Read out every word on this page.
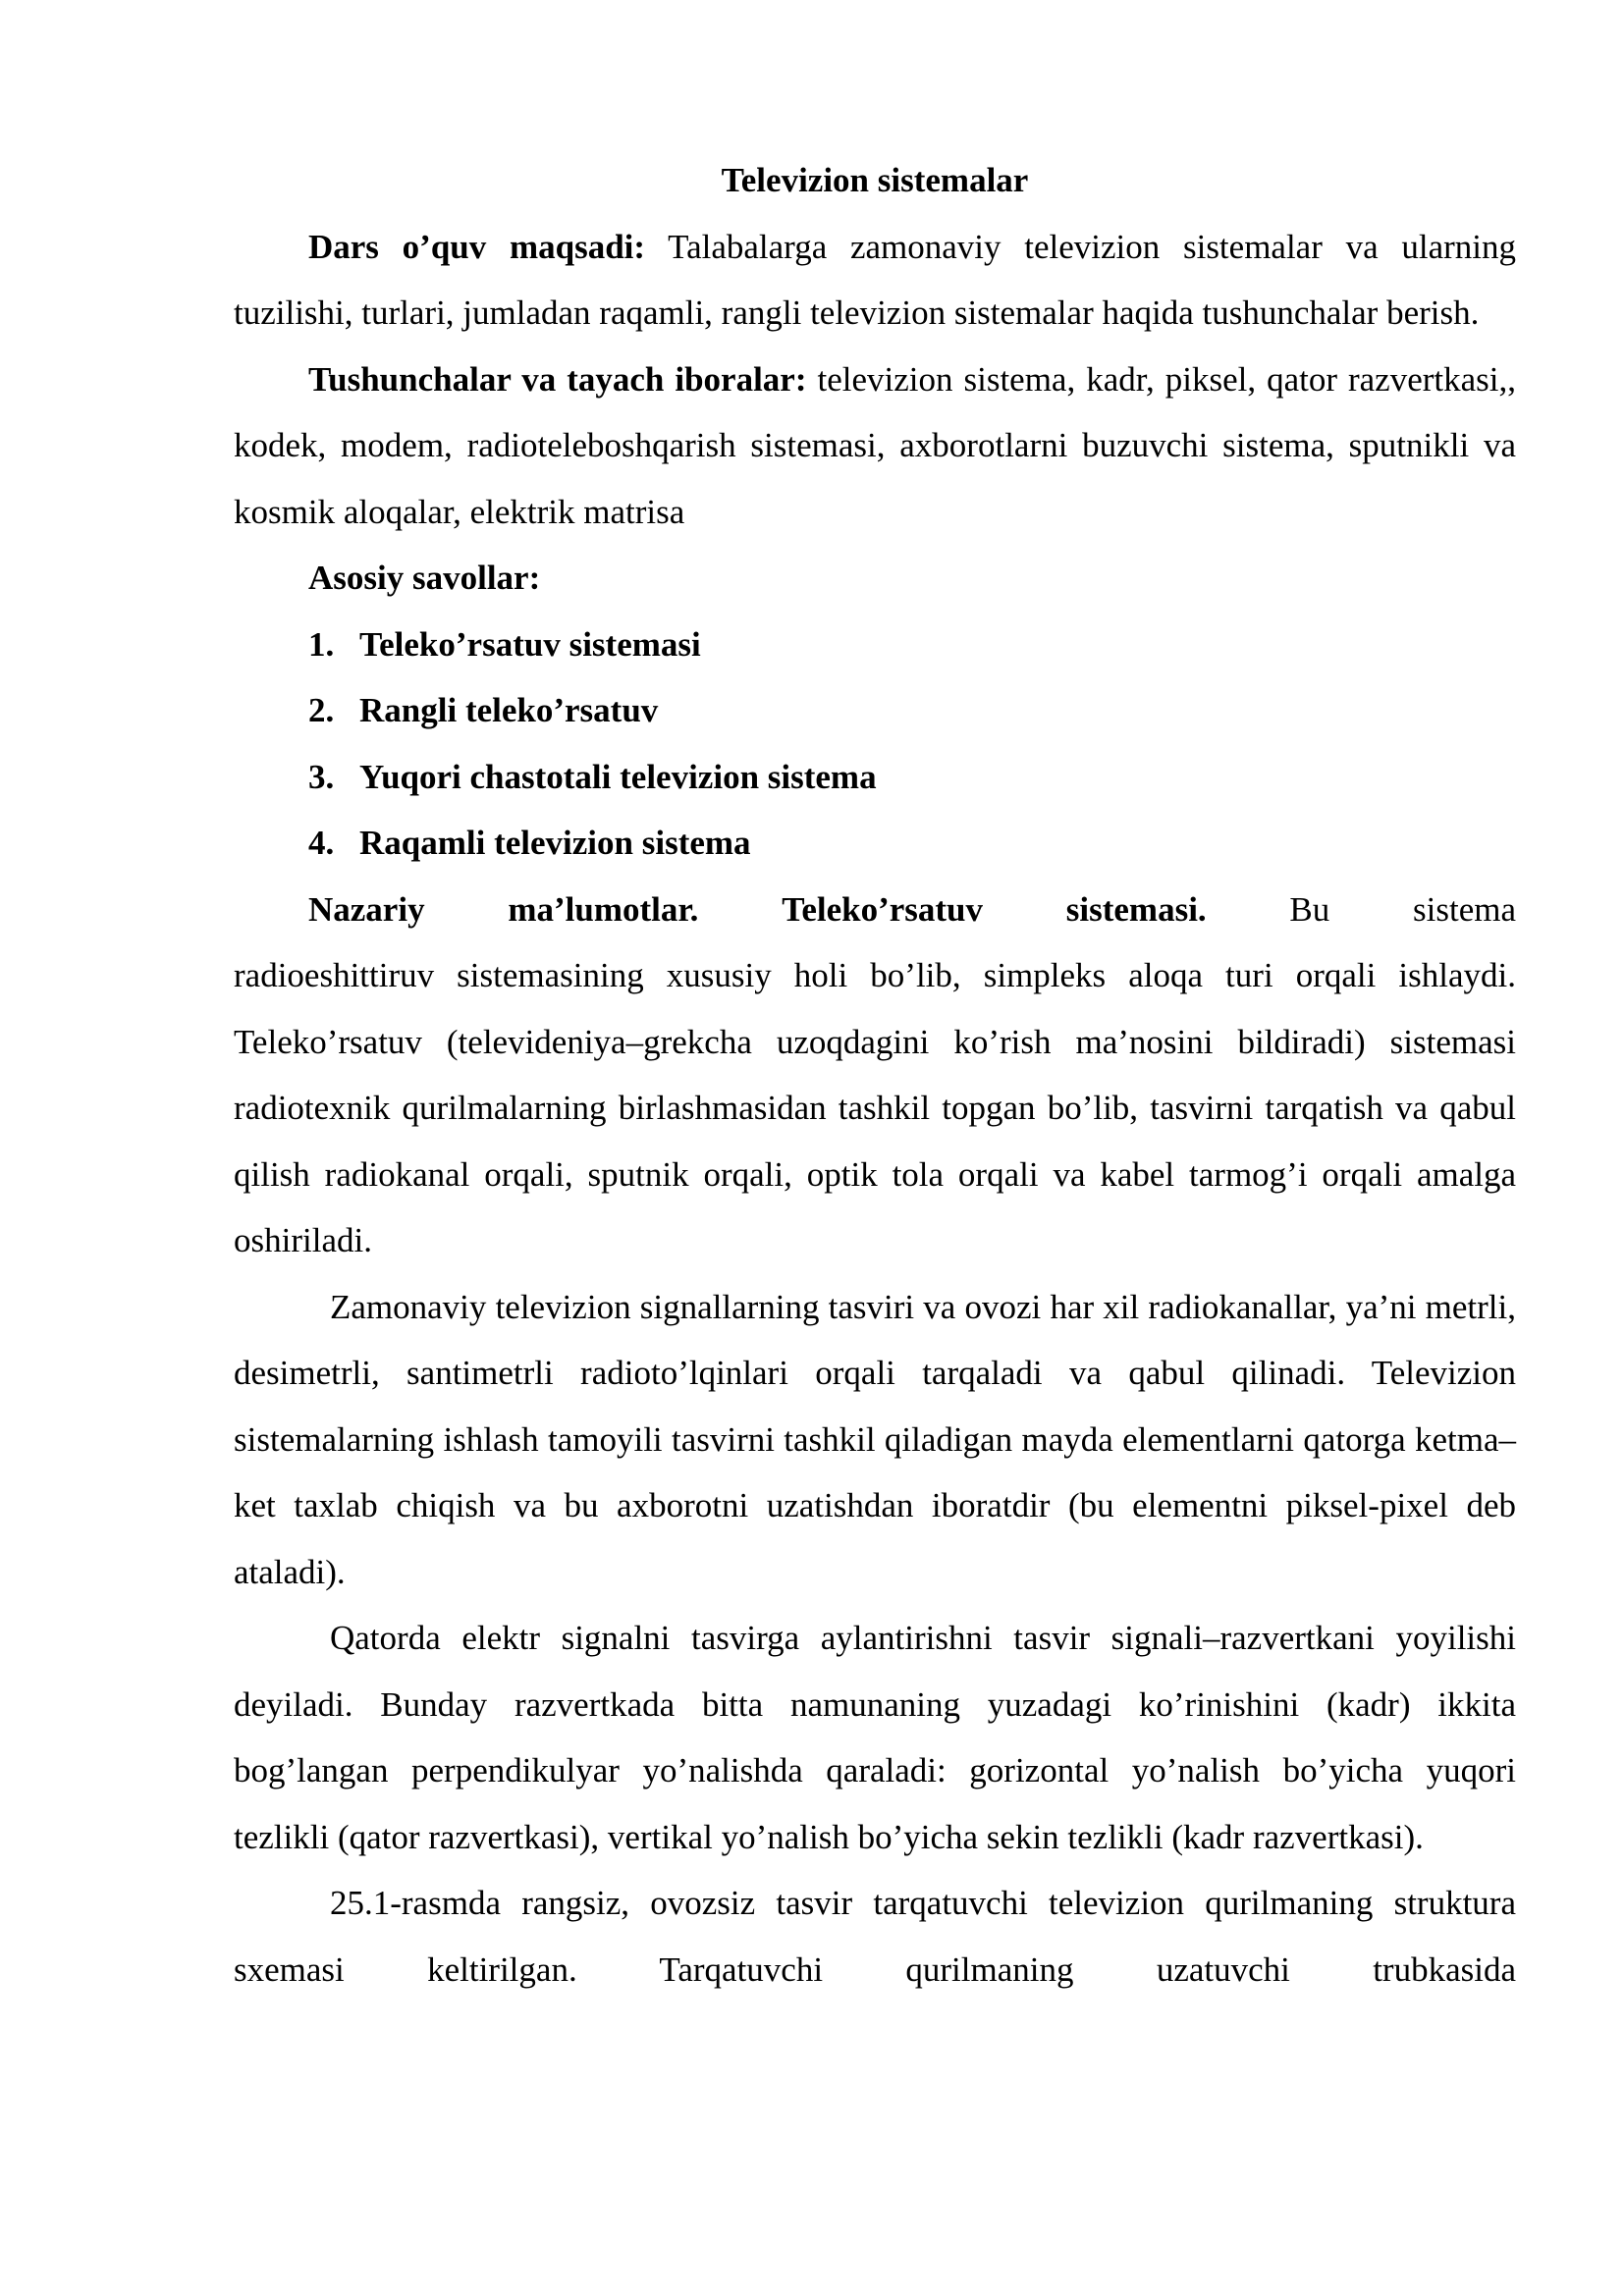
Televizion sistemalar

Dars o’quv maqsadi: Talabalarga zamonaviy televizion sistemalar va ularning tuzilishi, turlari, jumladan raqamli, rangli televizion sistemalar haqida tushunchalar berish.

Tushunchalar va tayach iboralar: televizion sistema, kadr, piksel, qator razvertkasi,, kodek, modem, radioteleboshqarish sistemasi, axborotlarni buzuvchi sistema, sputnikli va kosmik aloqalar, elektrik matrisa

Asosiy savollar:

1. Teleko’rsatuv sistemasi
2. Rangli teleko’rsatuv
3. Yuqori chastotali televizion sistema
4. Raqamli televizion sistema

Nazariy ma’lumotlar. Teleko’rsatuv sistemasi. Bu sistema

radioeshittiruv sistemasining xususiy holi bo’lib, simpleks aloqa turi orqali ishlaydi. Teleko’rsatuv (televideniya–grekcha uzoqdagini ko’rish ma’nosini bildiradi) sistemasi radiotexnik qurilmalarning birlashmasidan tashkil topgan bo’lib, tasvirni tarqatish va qabul qilish radiokanal orqali, sputnik orqali, optik tola orqali va kabel tarmog’i orqali amalga oshiriladi.

Zamonaviy televizion signallarning tasviri va ovozi har xil radiokanallar, ya’ni metrli, desimetrli, santimetrli radioto’lqinlari orqali tarqaladi va qabul qilinadi. Televizion sistemalarning ishlash tamoyili tasvirni tashkil qiladigan mayda elementlarni qatorga ketma–ket taxlab chiqish va bu axborotni uzatishdan iboratdir (bu elementni piksel-pixel deb ataladi).

Qatorda elektr signalni tasvirga aylantirishni tasvir signali–razvertkani yoyilishi deyiladi. Bunday razvertkada bitta namunaning yuzadagi ko’rinishini (kadr) ikkita bog’langan perpendikulyar yo’nalishda qaraladi: gorizontal yo’nalish bo’yicha yuqori tezlikli (qator razvertkasi), vertikal yo’nalish bo’yicha sekin tezlikli (kadr razvertkasi).

25.1-rasmda rangsiz, ovozsiz tasvir tarqatuvchi televizion qurilmaning struktura sxemasi keltirilgan. Tarqatuvchi qurilmaning uzatuvchi trubkasida
